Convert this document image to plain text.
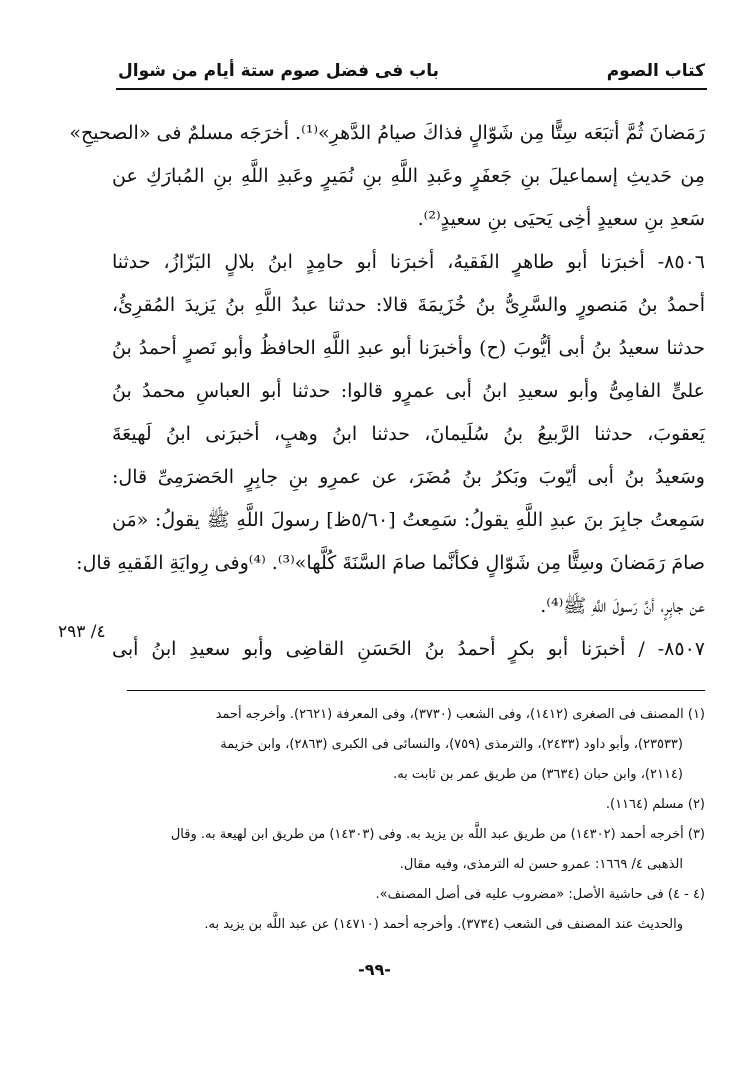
كتاب الصوم
باب فى فضل صوم ستة أيام من شوال
رَمَضانَ ثُمَّ أتبَعَه سِتًّا مِن شَوّالٍ فذاكَ صيامُ الدَّهرِ»⁽¹⁾. أخرَجَه مسلمٌ فى «الصحيحِ»
مِن حَديثِ إسماعيلَ بنِ جَعفَرٍ وعَبدِ اللَّهِ بنِ نُمَيرٍ وعَبدِ اللَّهِ بنِ المُبارَكِ عن
سَعدِ بنِ سعيدٍ أخِى يَحيَى بنِ سعيدٍ⁽²⁾.
٨٥٠٦- أخبرَنا أبو طاهرٍ الفَقيهُ، أخبرَنا أبو حامِدٍ ابنُ بلالٍ البَزّازُ، حدثنا
أحمدُ بنُ مَنصورٍ والسَّرِىُّ بنُ خُزَيمَةَ قالا: حدثنا عبدُ اللَّهِ بنُ يَزيدَ المُقرِئُ،
حدثنا سعيدُ بنُ أبى أيُّوبَ (ح) وأخبرَنا أبو عبدِ اللَّهِ الحافظُ وأبو نَصرٍ أحمدُ بنُ
علىٍّ الفامِىُّ وأبو سعيدِ ابنُ أبى عمرٍو قالوا: حدثنا أبو العباسِ محمدُ بنُ
يَعقوبَ، حدثنا الرَّبيعُ بنُ سُلَيمانَ، حدثنا ابنُ وهبٍ، أخبرَنى ابنُ لَهيعَةَ
وسَعيدُ بنُ أبى أيّوبَ وبَكرُ بنُ مُضَرَ، عن عمرِو بنِ جابِرٍ الحَضرَمِىِّ قال:
سَمِعتُ جابِرَ بنَ عبدِ اللَّهِ يقولُ: سَمِعتُ [٥/٦٠ظ] رسولَ اللَّهِ ﷺ يقولُ: «مَن
صامَ رَمَضانَ وسِتًّا مِن شَوّالٍ فكأنَّما صامَ السَّنَةَ كُلَّها»⁽³⁾. ⁽⁴⁾وفى رِوايَةِ الفَقيهِ قال:
عن جابِرٍ، أنَّ رَسولَ اللَّهِ ﷺ⁽⁴⁾.
٨٥٠٧- / أخبرَنا أبو بكرٍ أحمدُ بنُ الحَسَنِ القاضِى وأبو سعيدِ ابنُ أبى
٤/ ٢٩٣
(١) المصنف فى الصغرى (١٤١٢)، وفى الشعب (٣٧٣٠)، وفى المعرفة (٢٦٢١). وأخرجه أحمد
(٢٣٥٣٣)، وأبو داود (٢٤٣٣)، والترمذى (٧٥٩)، والنسائى فى الكبرى (٢٨٦٣)، وابن خزيمة
(٢١١٤)، وابن حبان (٣٦٣٤) من طريق عمر بن ثابت به.
(٢) مسلم (١١٦٤).
(٣) أخرجه أحمد (١٤٣٠٢) من طريق عبد اللَّه بن يزيد به. وفى (١٤٣٠٣) من طريق ابن لهيعة به. وقال
الذهبى ٤/ ١٦٦٩: عمرو حسن له الترمذى، وفيه مقال.
(٤ - ٤) فى حاشية الأصل: «مضروب عليه فى أصل المصنف».
والحديث عند المصنف فى الشعب (٣٧٣٤). وأخرجه أحمد (١٤٧١٠) عن عبد اللَّه بن يزيد به.
-٩٩-
